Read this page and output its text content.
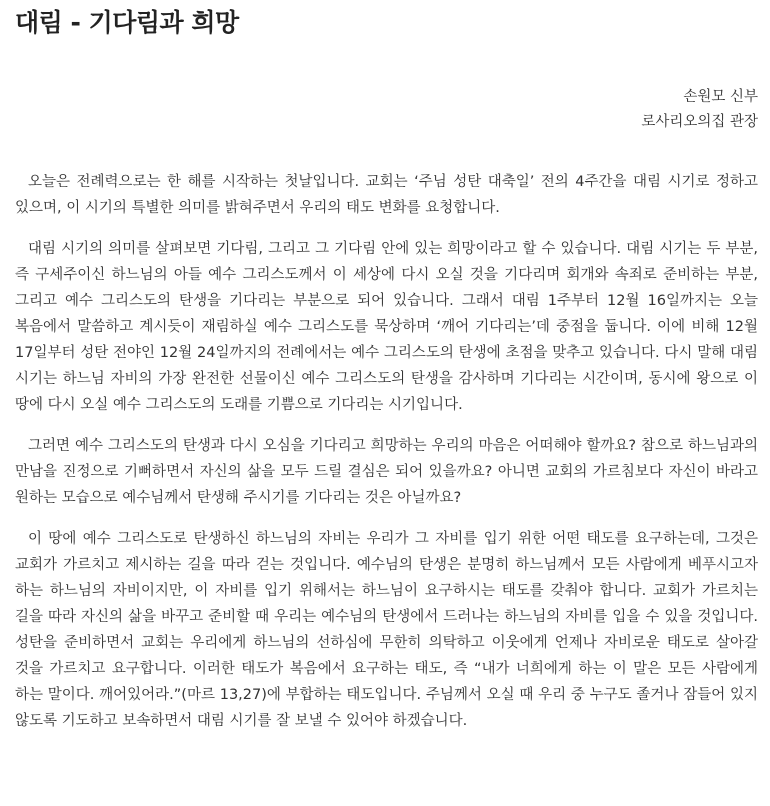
대림 - 기다림과 희망
손원모 신부
로사리오의집 관장

오늘은 전례력으로는 한 해를 시작하는 첫날입니다. 교회는 ‘주님 성탄 대축일’ 전의 4주간을 대림 시기로 정하고 있으며, 이 시기의 특별한 의미를 밝혀주면서 우리의 태도 변화를 요청합니다.

대림 시기의 의미를 살펴보면 기다림, 그리고 그 기다림 안에 있는 희망이라고 할 수 있습니다. 대림 시기는 두 부분, 즉 구세주이신 하느님의 아들 예수 그리스도께서 이 세상에 다시 오실 것을 기다리며 회개와 속죄로 준비하는 부분, 그리고 예수 그리스도의 탄생을 기다리는 부분으로 되어 있습니다. 그래서 대림 1주부터 12월 16일까지는 오늘 복음에서 말씀하고 계시듯이 재림하실 예수 그리스도를 묵상하며 ‘깨어 기다리는’데 중점을 둡니다. 이에 비해 12월 17일부터 성탄 전야인 12월 24일까지의 전례에서는 예수 그리스도의 탄생에 초점을 맞추고 있습니다. 다시 말해 대림 시기는 하느님 자비의 가장 완전한 선물이신 예수 그리스도의 탄생을 감사하며 기다리는 시간이며, 동시에 왕으로 이 땅에 다시 오실 예수 그리스도의 도래를 기쁨으로 기다리는 시기입니다.

그러면 예수 그리스도의 탄생과 다시 오심을 기다리고 희망하는 우리의 마음은 어떠해야 할까요? 참으로 하느님과의 만남을 진정으로 기뻐하면서 자신의 삶을 모두 드릴 결심은 되어 있을까요? 아니면 교회의 가르침보다 자신이 바라고 원하는 모습으로 예수님께서 탄생해 주시기를 기다리는 것은 아닐까요?

이 땅에 예수 그리스도로 탄생하신 하느님의 자비는 우리가 그 자비를 입기 위한 어떤 태도를 요구하는데, 그것은 교회가 가르치고 제시하는 길을 따라 걷는 것입니다. 예수님의 탄생은 분명히 하느님께서 모든 사람에게 베푸시고자 하는 하느님의 자비이지만, 이 자비를 입기 위해서는 하느님이 요구하시는 태도를 갖춰야 합니다. 교회가 가르치는 길을 따라 자신의 삶을 바꾸고 준비할 때 우리는 예수님의 탄생에서 드러나는 하느님의 자비를 입을 수 있을 것입니다. 성탄을 준비하면서 교회는 우리에게 하느님의 선하심에 무한히 의탁하고 이웃에게 언제나 자비로운 태도로 살아갈 것을 가르치고 요구합니다. 이러한 태도가 복음에서 요구하는 태도, 즉 “내가 너희에게 하는 이 말은 모든 사람에게 하는 말이다. 깨어있어라.”(마르 13,27)에 부합하는 태도입니다. 주님께서 오실 때 우리 중 누구도 졸거나 잠들어 있지 않도록 기도하고 보속하면서 대림 시기를 잘 보낼 수 있어야 하겠습니다.
